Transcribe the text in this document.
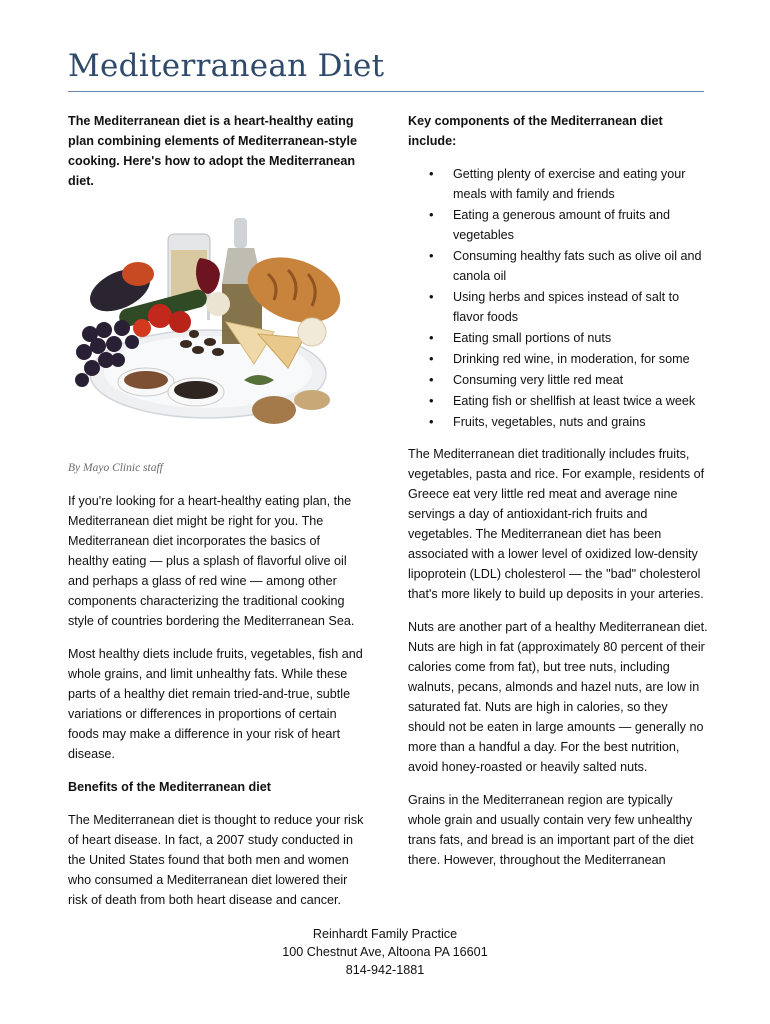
Mediterranean Diet

The Mediterranean diet is a heart-healthy eating plan combining elements of Mediterranean-style cooking. Here's how to adopt the Mediterranean diet.

By Mayo Clinic staff

If you're looking for a heart-healthy eating plan, the Mediterranean diet might be right for you. The Mediterranean diet incorporates the basics of healthy eating — plus a splash of flavorful olive oil and perhaps a glass of red wine — among other components characterizing the traditional cooking style of countries bordering the Mediterranean Sea.

Most healthy diets include fruits, vegetables, fish and whole grains, and limit unhealthy fats. While these parts of a healthy diet remain tried-and-true, subtle variations or differences in proportions of certain foods may make a difference in your risk of heart disease.

Benefits of the Mediterranean diet

The Mediterranean diet is thought to reduce your risk of heart disease. In fact, a 2007 study conducted in the United States found that both men and women who consumed a Mediterranean diet lowered their risk of death from both heart disease and cancer.

Key components of the Mediterranean diet include:

• Getting plenty of exercise and eating your meals with family and friends
• Eating a generous amount of fruits and vegetables
• Consuming healthy fats such as olive oil and canola oil
• Using herbs and spices instead of salt to flavor foods
• Eating small portions of nuts
• Drinking red wine, in moderation, for some
• Consuming very little red meat
• Eating fish or shellfish at least twice a week
• Fruits, vegetables, nuts and grains

The Mediterranean diet traditionally includes fruits, vegetables, pasta and rice. For example, residents of Greece eat very little red meat and average nine servings a day of antioxidant-rich fruits and vegetables. The Mediterranean diet has been associated with a lower level of oxidized low-density lipoprotein (LDL) cholesterol — the "bad" cholesterol that's more likely to build up deposits in your arteries.

Nuts are another part of a healthy Mediterranean diet. Nuts are high in fat (approximately 80 percent of their calories come from fat), but tree nuts, including walnuts, pecans, almonds and hazel nuts, are low in saturated fat. Nuts are high in calories, so they should not be eaten in large amounts — generally no more than a handful a day. For the best nutrition, avoid honey-roasted or heavily salted nuts.

Grains in the Mediterranean region are typically whole grain and usually contain very few unhealthy trans fats, and bread is an important part of the diet there. However, throughout the Mediterranean

Reinhardt Family Practice
100 Chestnut Ave, Altoona PA 16601
814-942-1881
